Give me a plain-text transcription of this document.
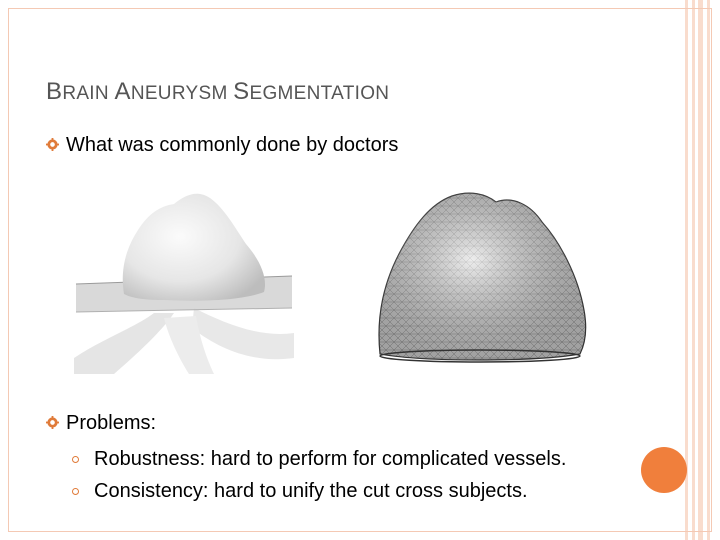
BRAIN ANEURYSM SEGMENTATION
What was commonly done by doctors
Problems:
Robustness: hard to perform for complicated vessels.
Consistency: hard to unify the cut cross subjects.
